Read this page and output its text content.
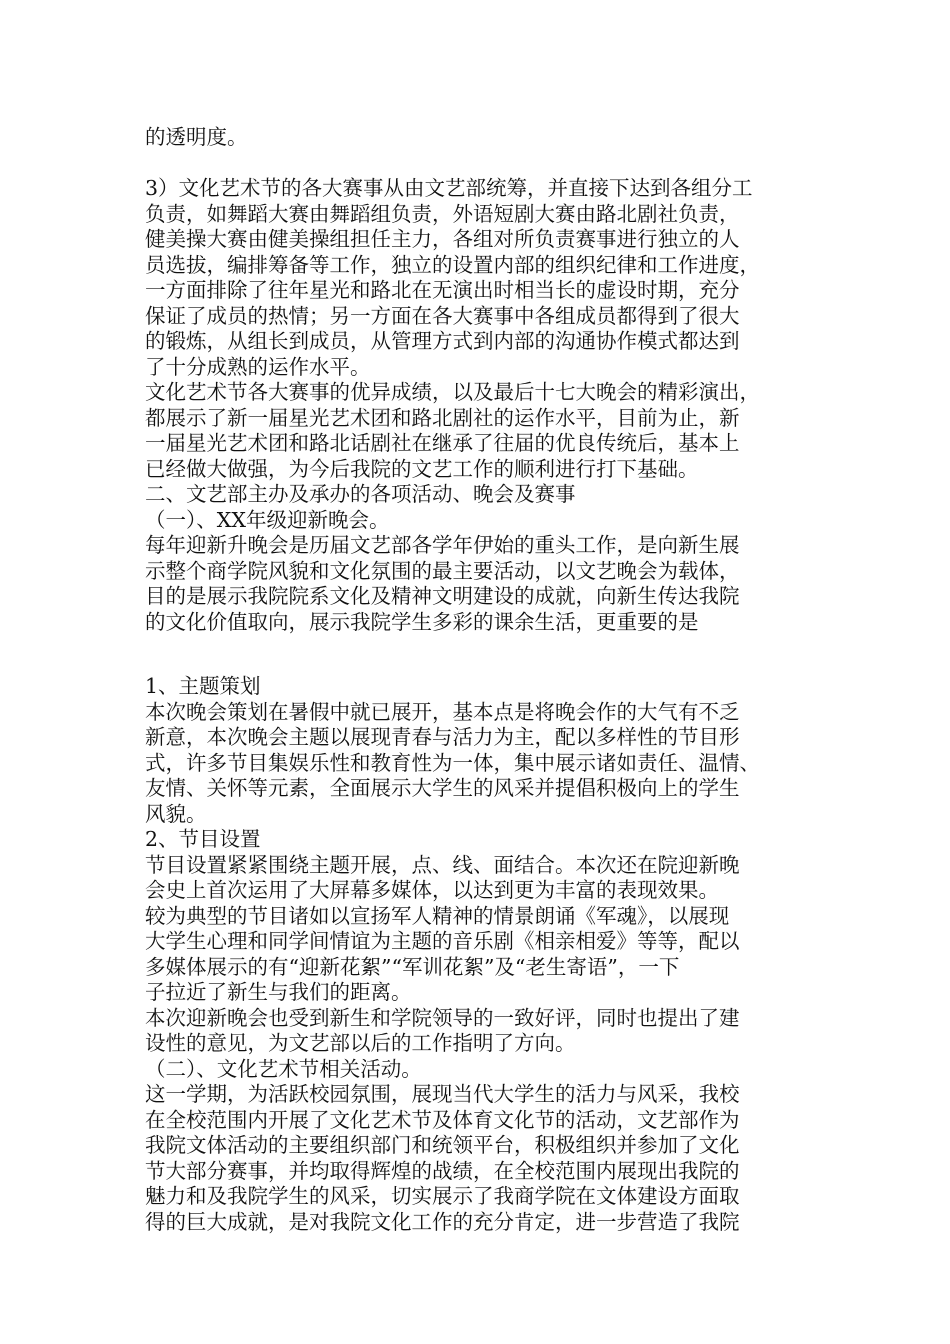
的透明度。
3）文化艺术节的各大赛事从由文艺部统筹，并直接下达到各组分工
负责，如舞蹈大赛由舞蹈组负责，外语短剧大赛由路北剧社负责，
健美操大赛由健美操组担任主力，各组对所负责赛事进行独立的人
员选拔，编排筹备等工作，独立的设置内部的组织纪律和工作进度，
一方面排除了往年星光和路北在无演出时相当长的虚设时期，充分
保证了成员的热情；另一方面在各大赛事中各组成员都得到了很大
的锻炼，从组长到成员，从管理方式到内部的沟通协作模式都达到
了十分成熟的运作水平。
文化艺术节各大赛事的优异成绩，以及最后十七大晚会的精彩演出，
都展示了新一届星光艺术团和路北剧社的运作水平，目前为止，新
一届星光艺术团和路北话剧社在继承了往届的优良传统后，基本上
已经做大做强，为今后我院的文艺工作的顺利进行打下基础。
二、文艺部主办及承办的各项活动、晚会及赛事
（一）、XX年级迎新晚会。
每年迎新升晚会是历届文艺部各学年伊始的重头工作，是向新生展
示整个商学院风貌和文化氛围的最主要活动，以文艺晚会为载体，
目的是展示我院院系文化及精神文明建设的成就，向新生传达我院
的文化价值取向，展示我院学生多彩的课余生活，更重要的是
1、主题策划
本次晚会策划在暑假中就已展开，基本点是将晚会作的大气有不乏
新意，本次晚会主题以展现青春与活力为主，配以多样性的节目形
式，许多节目集娱乐性和教育性为一体，集中展示诸如责任、温情、
友情、关怀等元素，全面展示大学生的风采并提倡积极向上的学生
风貌。
2、节目设置
节目设置紧紧围绕主题开展，点、线、面结合。本次还在院迎新晚
会史上首次运用了大屏幕多媒体，以达到更为丰富的表现效果。
较为典型的节目诸如以宣扬军人精神的情景朗诵《军魂》，以展现
大学生心理和同学间情谊为主题的音乐剧《相亲相爱》等等，配以
多媒体展示的有“迎新花絮”“军训花絮”及“老生寄语”，一下
子拉近了新生与我们的距离。
本次迎新晚会也受到新生和学院领导的一致好评，同时也提出了建
设性的意见，为文艺部以后的工作指明了方向。
（二）、文化艺术节相关活动。
这一学期，为活跃校园氛围，展现当代大学生的活力与风采，我校
在全校范围内开展了文化艺术节及体育文化节的活动，文艺部作为
我院文体活动的主要组织部门和统领平台，积极组织并参加了文化
节大部分赛事，并均取得辉煌的战绩，在全校范围内展现出我院的
魅力和及我院学生的风采，切实展示了我商学院在文体建设方面取
得的巨大成就，是对我院文化工作的充分肯定，进一步营造了我院
